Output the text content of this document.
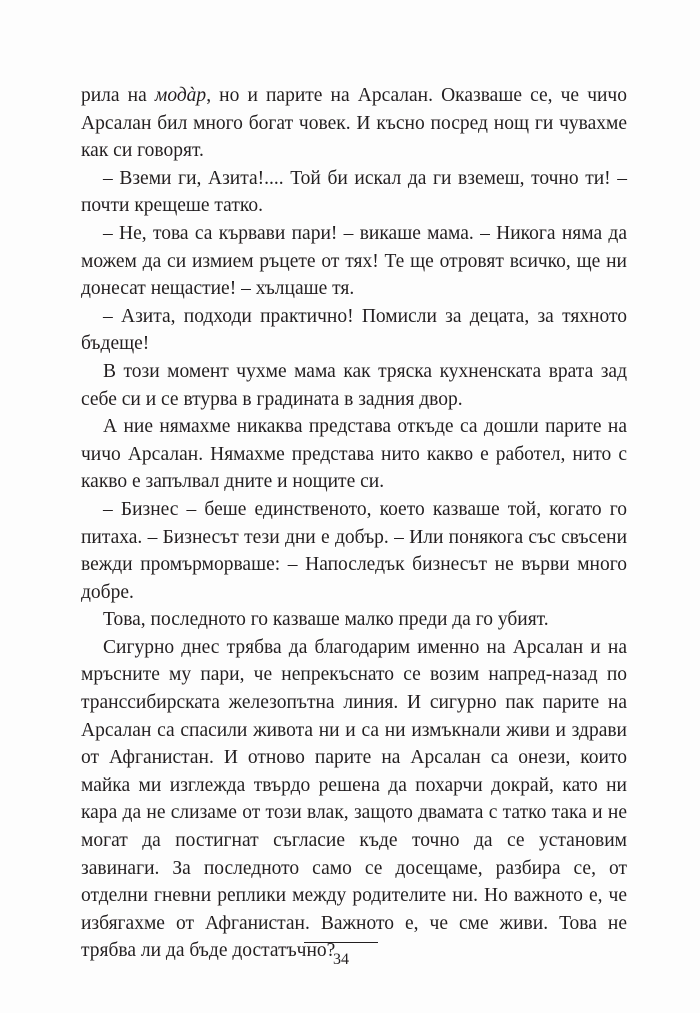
рила на модàр, но и парите на Арсалан. Оказваше се, че чичо Арсалан бил много богат човек. И късно посред нощ ги чувахме как си говорят.

– Вземи ги, Азита!.... Той би искал да ги вземеш, точно ти! – почти крещеше татко.

– Не, това са кървави пари! – викаше мама. – Никога няма да можем да си измием ръцете от тях! Те ще отровят всичко, ще ни донесат нещастие! – хълцаше тя.

– Азита, подходи практично! Помисли за децата, за тяхното бъдеще!

В този момент чухме мама как тряска кухненската врата зад себе си и се втурва в градината в задния двор.

А ние нямахме никаква представа откъде са дошли парите на чичо Арсалан. Нямахме представа нито какво е работел, нито с какво е запълвал дните и нощите си.

– Бизнес – беше единственото, което казваше той, когато го питаха. – Бизнесът тези дни е добър. – Или понякога със свъсени вежди промърморваше: – Напоследък бизнесът не върви много добре.

Това, последното го казваше малко преди да го убият.

Сигурно днес трябва да благодарим именно на Арсалан и на мръсните му пари, че непрекъснато се возим напред-назад по транссибирската железопътна линия. И сигурно пак парите на Арсалан са спасили живота ни и са ни измъкнали живи и здрави от Афганистан. И отново парите на Арсалан са онези, които майка ми изглежда твърдо решена да похарчи докрай, като ни кара да не слизаме от този влак, защото двамата с татко така и не могат да постигнат съгласие къде точно да се установим завинаги. За последното само се досещаме, разбира се, от отделни гневни реплики между родителите ни. Но важното е, че избягахме от Афганистан. Важното е, че сме живи. Това не трябва ли да бъде достатъчно?

34
